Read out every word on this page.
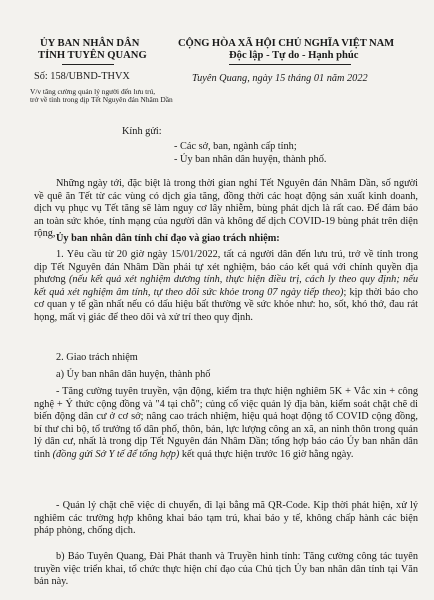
ỦY BAN NHÂN DÂN
TỈNH TUYÊN QUANG
CỘNG HÒA XÃ HỘI CHỦ NGHĨA VIỆT NAM
Độc lập - Tự do - Hạnh phúc
Số: 158/UBND-THVX	Tuyên Quang, ngày 15 tháng 01 năm 2022
V/v tăng cường quản lý người đến lưu trú,
trở về tỉnh trong dịp Tết Nguyên đán Nhâm Dần
Kính gửi:
- Các sở, ban, ngành cấp tỉnh;
- Ủy ban nhân dân huyện, thành phố.
Những ngày tới, đặc biệt là trong thời gian nghỉ Tết Nguyên đán Nhâm Dần, số người về quê ăn Tết từ các vùng có dịch gia tăng, đồng thời các hoạt động sản xuất kinh doanh, dịch vụ phục vụ Tết tăng sẽ làm nguy cơ lây nhiễm, bùng phát dịch là rất cao. Để đảm bảo an toàn sức khỏe, tính mạng của người dân và không để dịch COVID-19 bùng phát trên diện rộng, Ủy ban nhân dân tỉnh chỉ đạo và giao trách nhiệm:
1. Yêu cầu từ 20 giờ ngày 15/01/2022, tất cả người dân đến lưu trú, trở về tỉnh trong dịp Tết Nguyên đán Nhâm Dần phải tự xét nghiệm, báo cáo kết quả với chính quyền địa phương (nếu kết quả xét nghiệm dương tính, thực hiện điều trị, cách ly theo quy định; nếu kết quả xét nghiệm âm tính, tự theo dõi sức khỏe trong 07 ngày tiếp theo); kịp thời báo cho cơ quan y tế gần nhất nếu có dấu hiệu bất thường về sức khỏe như: ho, sốt, khó thở, đau rát họng, mất vị giác để theo dõi và xử trí theo quy định.
2. Giao trách nhiệm
a) Ủy ban nhân dân huyện, thành phố
- Tăng cường tuyên truyền, vận động, kiểm tra thực hiện nghiêm 5K + Vắc xin + công nghệ + Ý thức cộng đồng và "4 tại chỗ"; củng cố việc quản lý địa bàn, kiểm soát chặt chẽ di biến động dân cư ở cơ sở; nâng cao trách nhiệm, hiệu quả hoạt động tổ COVID cộng đồng, bí thư chi bộ, tổ trưởng tổ dân phố, thôn, bản, lực lượng công an xã, an ninh thôn trong quản lý dân cư, nhất là trong dịp Tết Nguyên đán Nhâm Dần; tổng hợp báo cáo Ủy ban nhân dân tỉnh (đồng gửi Sở Y tế để tổng hợp) kết quả thực hiện trước 16 giờ hằng ngày.
- Quản lý chặt chẽ việc di chuyển, đi lại bằng mã QR-Code. Kịp thời phát hiện, xử lý nghiêm các trường hợp không khai báo tạm trú, khai báo y tế, không chấp hành các biện pháp phòng, chống dịch.
b) Báo Tuyên Quang, Đài Phát thanh và Truyền hình tỉnh: Tăng cường công tác tuyên truyền việc triển khai, tổ chức thực hiện chỉ đạo của Chủ tịch Ủy ban nhân dân tỉnh tại Văn bản này.
